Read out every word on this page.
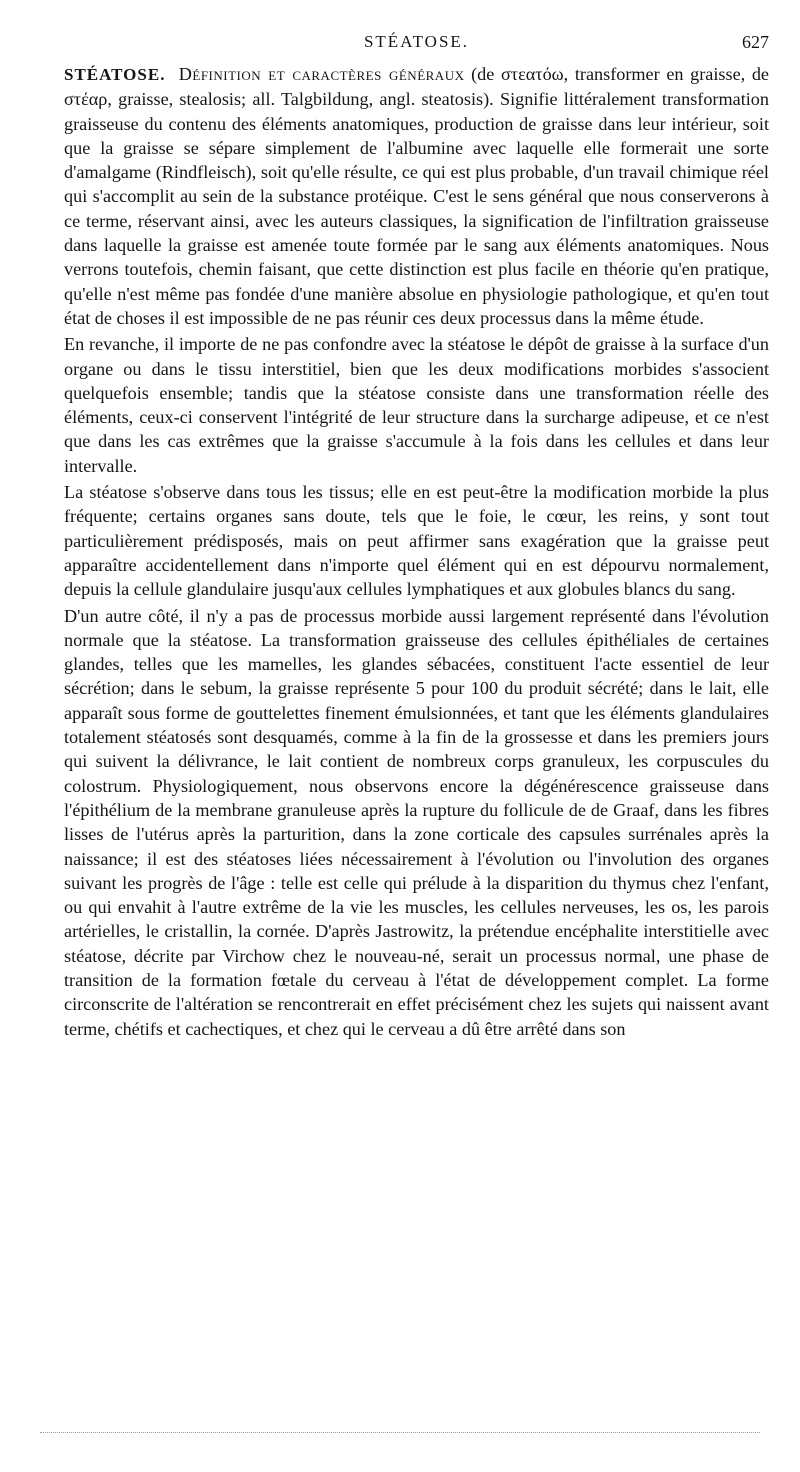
STÉATOSE.	627

STÉATOSE. Définition et caractères généraux (de στεατόω, transformer en graisse, de στέαρ, graisse, stealosis; all. Talgbildung, angl. steatosis). Signifie littéralement transformation graisseuse du contenu des éléments anatomiques, production de graisse dans leur intérieur, soit que la graisse se sépare simplement de l'albumine avec laquelle elle formerait une sorte d'amalgame (Rindfleisch), soit qu'elle résulte, ce qui est plus probable, d'un travail chimique réel qui s'accomplit au sein de la substance protéique. C'est le sens général que nous conserverons à ce terme, réservant ainsi, avec les auteurs classiques, la signification de l'infiltration graisseuse dans laquelle la graisse est amenée toute formée par le sang aux éléments anatomiques. Nous verrons toutefois, chemin faisant, que cette distinction est plus facile en théorie qu'en pratique, qu'elle n'est même pas fondée d'une manière absolue en physiologie pathologique, et qu'en tout état de choses il est impossible de ne pas réunir ces deux processus dans la même étude.

En revanche, il importe de ne pas confondre avec la stéatose le dépôt de graisse à la surface d'un organe ou dans le tissu interstitiel, bien que les deux modifications morbides s'associent quelquefois ensemble; tandis que la stéatose consiste dans une transformation réelle des éléments, ceux-ci conservent l'intégrité de leur structure dans la surcharge adipeuse, et ce n'est que dans les cas extrêmes que la graisse s'accumule à la fois dans les cellules et dans leur intervalle.

La stéatose s'observe dans tous les tissus; elle en est peut-être la modification morbide la plus fréquente; certains organes sans doute, tels que le foie, le cœur, les reins, y sont tout particulièrement prédisposés, mais on peut affirmer sans exagération que la graisse peut apparaître accidentellement dans n'importe quel élément qui en est dépourvu normalement, depuis la cellule glandulaire jusqu'aux cellules lymphatiques et aux globules blancs du sang.

D'un autre côté, il n'y a pas de processus morbide aussi largement représenté dans l'évolution normale que la stéatose. La transformation graisseuse des cellules épithéliales de certaines glandes, telles que les mamelles, les glandes sébacées, constituent l'acte essentiel de leur sécrétion; dans le sebum, la graisse représente 5 pour 100 du produit sécrété; dans le lait, elle apparaît sous forme de gouttelettes finement émulsionnées, et tant que les éléments glandulaires totalement stéatosés sont desquamés, comme à la fin de la grossesse et dans les premiers jours qui suivent la délivrance, le lait contient de nombreux corps granuleux, les corpuscules du colostrum. Physiologiquement, nous observons encore la dégénérescence graisseuse dans l'épithélium de la membrane granuleuse après la rupture du follicule de de Graaf, dans les fibres lisses de l'utérus après la parturition, dans la zone corticale des capsules surrénales après la naissance; il est des stéatoses liées nécessairement à l'évolution ou l'involution des organes suivant les progrès de l'âge : telle est celle qui prélude à la disparition du thymus chez l'enfant, ou qui envahit à l'autre extrême de la vie les muscles, les cellules nerveuses, les os, les parois artérielles, le cristallin, la cornée. D'après Jastrowitz, la prétendue encéphalite interstitielle avec stéatose, décrite par Virchow chez le nouveau-né, serait un processus normal, une phase de transition de la formation fœtale du cerveau à l'état de développement complet. La forme circonscrite de l'altération se rencontrerait en effet précisément chez les sujets qui naissent avant terme, chétifs et cachectiques, et chez qui le cerveau a dû être arrêté dans son
